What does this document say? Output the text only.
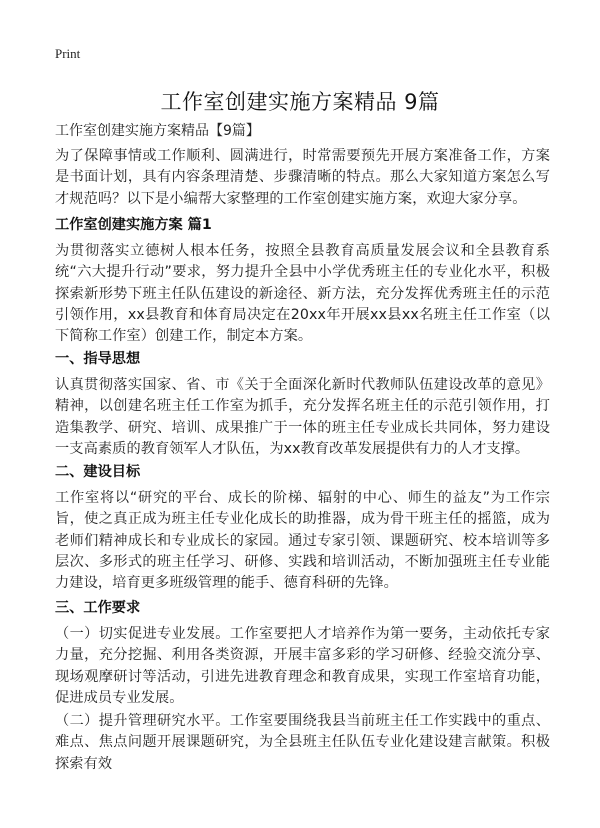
Print
工作室创建实施方案精品 9篇
工作室创建实施方案精品【9篇】

为了保障事情或工作顺利、圆满进行，时常需要预先开展方案准备工作，方案是书面计划，具有内容条理清楚、步骤清晰的特点。那么大家知道方案怎么写才规范吗？以下是小编帮大家整理的工作室创建实施方案，欢迎大家分享。

工作室创建实施方案 篇1

为贯彻落实立德树人根本任务，按照全县教育高质量发展会议和全县教育系统“六大提升行动”要求，努力提升全县中小学优秀班主任的专业化水平，积极探索新形势下班主任队伍建设的新途径、新方法，充分发挥优秀班主任的示范引领作用，xx县教育和体育局决定在20xx年开展xx县xx名班主任工作室（以下简称工作室）创建工作，制定本方案。

一、指导思想

认真贯彻落实国家、省、市《关于全面深化新时代教师队伍建设改革的意见》精神，以创建名班主任工作室为抓手，充分发挥名班主任的示范引领作用，打造集教学、研究、培训、成果推广于一体的班主任专业成长共同体，努力建设一支高素质的教育领军人才队伍，为xx教育改革发展提供有力的人才支撑。

二、建设目标

工作室将以“研究的平台、成长的阶梯、辐射的中心、师生的益友”为工作宗旨，使之真正成为班主任专业化成长的助推器，成为骨干班主任的摇篮，成为老师们精神成长和专业成长的家园。通过专家引领、课题研究、校本培训等多层次、多形式的班主任学习、研修、实践和培训活动，不断加强班主任专业能力建设，培育更多班级管理的能手、德育科研的先锋。

三、工作要求

（一）切实促进专业发展。工作室要把人才培养作为第一要务，主动依托专家力量，充分挖掘、利用各类资源，开展丰富多彩的学习研修、经验交流分享、现场观摩研讨等活动，引进先进教育理念和教育成果，实现工作室培育功能，促进成员专业发展。

（二）提升管理研究水平。工作室要围绕我县当前班主任工作实践中的重点、难点、焦点问题开展课题研究，为全县班主任队伍专业化建设建言献策。积极探索有效
